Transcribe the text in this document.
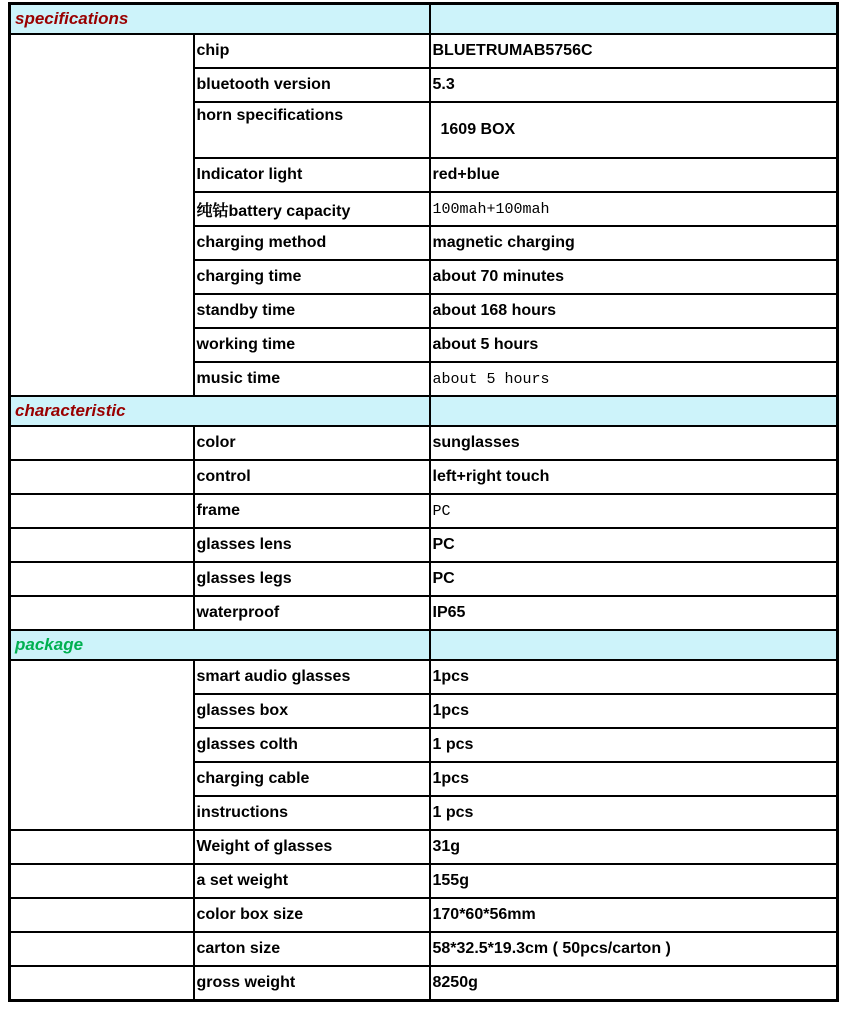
specifications		
	chip	BLUETRUMAB5756C
	bluetooth version	5.3
	horn specifications	1609 BOX
	Indicator light	red+blue
	纯钴battery capacity	100mah+100mah
	charging method	magnetic charging
	charging time	about 70 minutes
	standby time	about 168 hours
	working time	about 5 hours
	music time	about 5 hours
characteristic		
	color	sunglasses
	control	left+right touch
	frame	PC
	glasses lens	PC
	glasses legs	PC
	waterproof	IP65
package		
	smart audio glasses	1pcs
	glasses box	1pcs
	glasses colth	1 pcs
	charging cable	1pcs
	instructions	1 pcs
	Weight of glasses	31g
	a set weight	155g
	color box size	170*60*56mm
	carton size	58*32.5*19.3cm ( 50pcs/carton )
	gross weight	8250g
